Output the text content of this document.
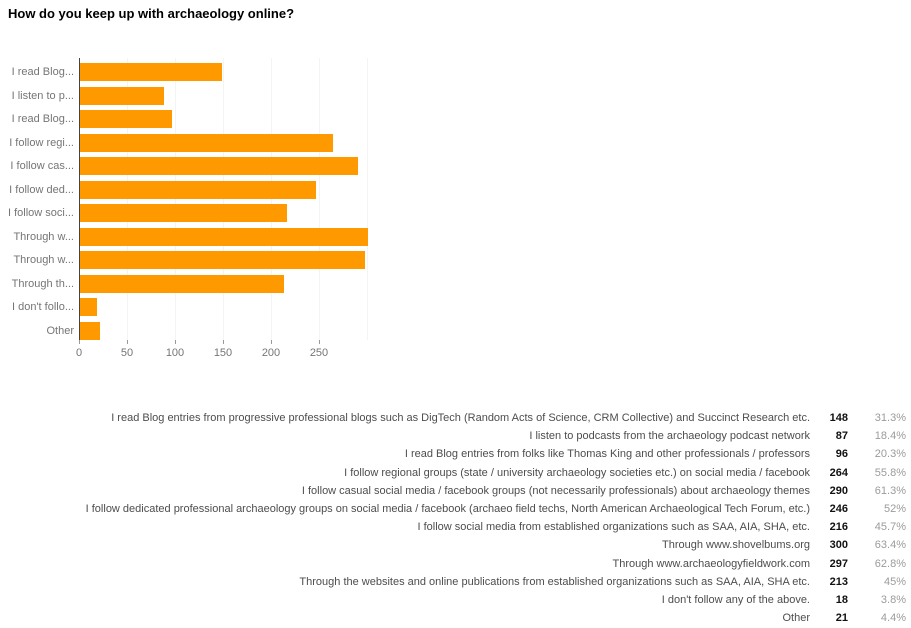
How do you keep up with archaeology online?
I read Blog...
I listen to p...
I read Blog...
I follow regi...
I follow cas...
I follow ded...
I follow soci...
Through w...
Through w...
Through th...
I don't follo...
Other
0	50	100	150	200	250
I read Blog entries from progressive professional blogs such as DigTech (Random Acts of Science, CRM Collective) and Succinct Research etc.	148	31.3%
I listen to podcasts from the archaeology podcast network	87	18.4%
I read Blog entries from folks like Thomas King and other professionals / professors	96	20.3%
I follow regional groups (state / university archaeology societies etc.) on social media / facebook	264	55.8%
I follow casual social media / facebook groups (not necessarily professionals) about archaeology themes	290	61.3%
I follow dedicated professional archaeology groups on social media / facebook (archaeo field techs, North American Archaeological Tech Forum, etc.)	246	52%
I follow social media from established organizations such as SAA, AIA, SHA, etc.	216	45.7%
Through www.shovelbums.org	300	63.4%
Through www.archaeologyfieldwork.com	297	62.8%
Through the websites and online publications from established organizations such as SAA, AIA, SHA etc.	213	45%
I don't follow any of the above.	18	3.8%
Other	21	4.4%
